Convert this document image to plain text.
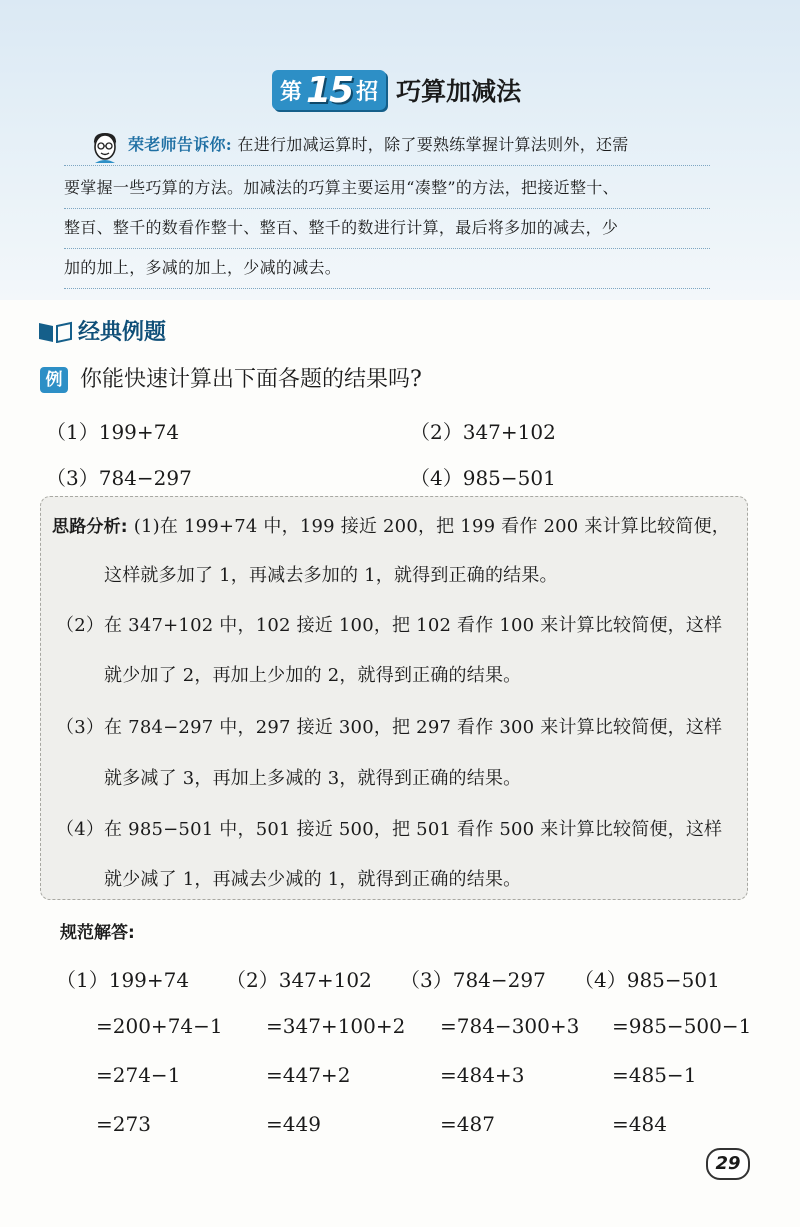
第 15 招 巧算加减法
荣老师告诉你: 在进行加减运算时，除了要熟练掌握计算法则外，还需
要掌握一些巧算的方法。加减法的巧算主要运用“凑整”的方法，把接近整十、
整百、整千的数看作整十、整百、整千的数进行计算，最后将多加的减去，少
加的加上，多减的加上，少减的减去。
经典例题
例 你能快速计算出下面各题的结果吗?
（1）199+74	（2）347+102
（3）784−297	（4）985−501
思路分析: (1)在 199+74 中，199 接近 200，把 199 看作 200 来计算比较简便，
这样就多加了 1，再减去多加的 1，就得到正确的结果。
（2）在 347+102 中，102 接近 100，把 102 看作 100 来计算比较简便，这样
就少加了 2，再加上少加的 2，就得到正确的结果。
（3）在 784−297 中，297 接近 300，把 297 看作 300 来计算比较简便，这样
就多减了 3，再加上多减的 3，就得到正确的结果。
（4）在 985−501 中，501 接近 500，把 501 看作 500 来计算比较简便，这样
就少减了 1，再减去少减的 1，就得到正确的结果。
规范解答:
（1）199+74
=200+74−1
=274−1
=273
（2）347+102
=347+100+2
=447+2
=449
（3）784−297
=784−300+3
=484+3
=487
（4）985−501
=985−500−1
=485−1
=484
29
